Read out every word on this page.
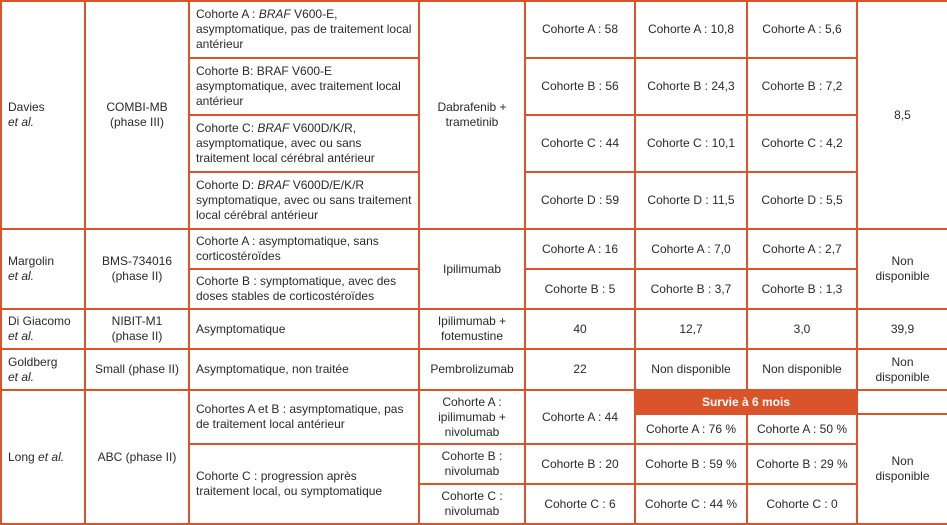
Davies
et al.	COMBI-MB
(phase III)	Cohorte A : BRAF V600-E, asymptomatique, pas de traitement local antérieur	Dabrafenib + trametinib	Cohorte A : 58	Cohorte A : 10,8	Cohorte A : 5,6	8,5
		Cohorte B: BRAF V600-E asymptomatique, avec traitement local antérieur		Cohorte B : 56	Cohorte B : 24,3	Cohorte B : 7,2	
		Cohorte C: BRAF V600D/K/R, asymptomatique, avec ou sans traitement local cérébral antérieur		Cohorte C : 44	Cohorte C : 10,1	Cohorte C : 4,2	
		Cohorte D: BRAF V600D/E/K/R symptomatique, avec ou sans traitement local cérébral antérieur		Cohorte D : 59	Cohorte D : 11,5	Cohorte D : 5,5	
Margolin
et al.	BMS-734016
(phase II)	Cohorte A : asymptomatique, sans corticostéroïdes	Ipilimumab	Cohorte A : 16	Cohorte A : 7,0	Cohorte A : 2,7	Non disponible
		Cohorte B : symptomatique, avec des doses stables de corticostéroïdes		Cohorte B : 5	Cohorte B : 3,7	Cohorte B : 1,3	
Di Giacomo
et al.	NIBIT-M1
(phase II)	Asymptomatique	Ipilimumab + fotemustine	40	12,7	3,0	39,9
Goldberg
et al.	Small (phase II)	Asymptomatique, non traitée	Pembrolizumab	22	Non disponible	Non disponible	Non disponible
Long et al.	ABC (phase II)	Cohortes A et B : asymptomatique, pas de traitement local antérieur	Cohorte A : ipilimumab + nivolumab	Cohorte A : 44	Survie à 6 mois		
					Cohorte A : 76 %	Cohorte A : 50 %	Non disponible
		Cohorte C : progression après traitement local, ou symptomatique	Cohorte B : nivolumab	Cohorte B : 20	Cohorte B : 59 %	Cohorte B : 29 %	
			Cohorte C : nivolumab	Cohorte C : 6	Cohorte C : 44 %	Cohorte C : 0	
